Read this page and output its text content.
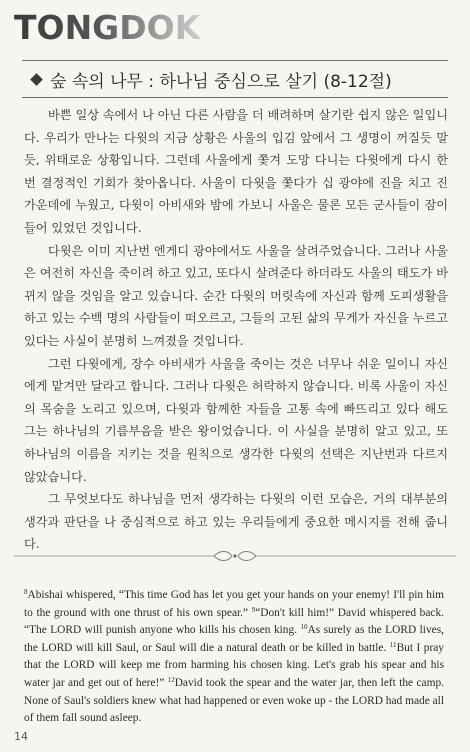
TONGDOK
숲 속의 나무 : 하나님 중심으로 살기 (8-12절)

바쁜 일상 속에서 나 아닌 다른 사람을 더 배려하며 살기란 쉽지 않은 일입니다. 우리가 만나는 다윗의 지금 상황은 사울의 입김 앞에서 그 생명이 꺼질듯 말듯, 위태로운 상황입니다. 그런데 사울에게 쫓겨 도망 다니는 다윗에게 다시 한 번 결정적인 기회가 찾아옵니다. 사울이 다윗을 쫓다가 십 광야에 진을 치고 진 가운데에 누웠고, 다윗이 아비새와 밤에 가보니 사울은 물론 모든 군사들이 잠이 들어 있었던 것입니다.

다윗은 이미 지난번 엔게디 광야에서도 사울을 살려주었습니다. 그러나 사울은 여전히 자신을 죽이려 하고 있고, 또다시 살려준다 하더라도 사울의 태도가 바뀌지 않을 것임을 알고 있습니다. 순간 다윗의 머릿속에 자신과 함께 도피생활을 하고 있는 수백 명의 사람들이 떠오르고, 그들의 고된 삶의 무게가 자신을 누르고 있다는 사실이 분명히 느껴졌을 것입니다.

그런 다윗에게, 장수 아비새가 사울을 죽이는 것은 너무나 쉬운 일이니 자신에게 맡겨만 달라고 합니다. 그러나 다윗은 허락하지 않습니다. 비록 사울이 자신의 목숨을 노리고 있으며, 다윗과 함께한 자들을 고통 속에 빠뜨리고 있다 해도 그는 하나님의 기름부음을 받은 왕이었습니다. 이 사실을 분명히 알고 있고, 또 하나님의 이름을 지키는 것을 원칙으로 생각한 다윗의 선택은 지난번과 다르지 않았습니다.

그 무엇보다도 하나님을 먼저 생각하는 다윗의 이런 모습은, 거의 대부분의 생각과 판단을 나 중심적으로 하고 있는 우리들에게 중요한 메시지를 전해 줍니다.

$^8$Abishai whispered, “This time God has let you get your hands on your enemy! I'll pin him to the ground with one thrust of his own spear.” $^9$“Don't kill him!” David whispered back. “The LORD will punish anyone who kills his chosen king. $^{10}$As surely as the LORD lives, the LORD will kill Saul, or Saul will die a natural death or be killed in battle. $^{11}$But I pray that the LORD will keep me from harming his chosen king. Let's grab his spear and his water jar and get out of here!” $^{12}$David took the spear and the water jar, then left the camp. None of Saul's soldiers knew what had happened or even woke up - the LORD had made all of them fall sound asleep.
14
